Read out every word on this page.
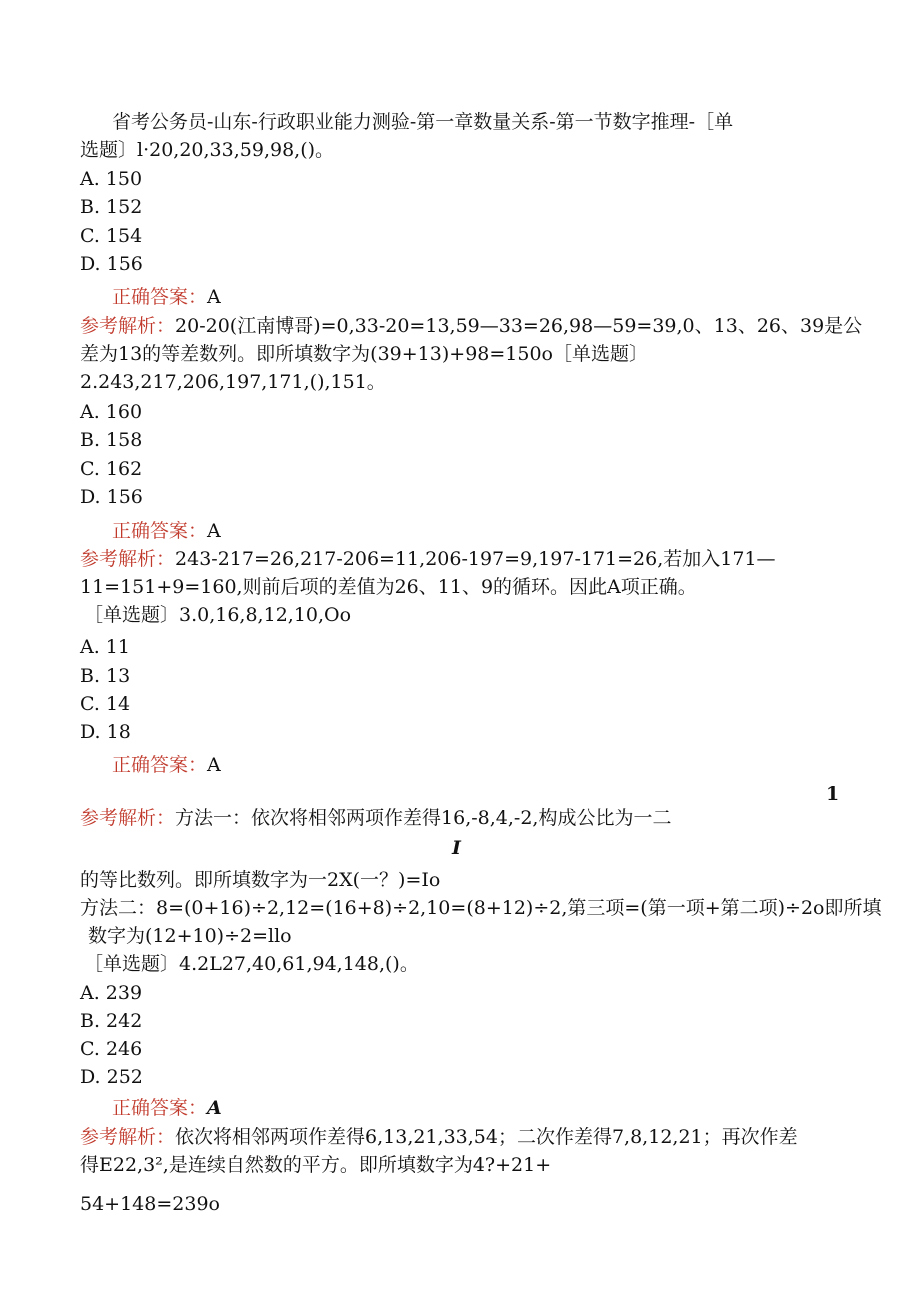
省考公务员-山东-行政职业能力测验-第一章数量关系-第一节数字推理-［单
选题〕l·20,20,33,59,98,()。
A. 150
B. 152
C. 154
D. 156
正确答案：A
参考解析：20-20(江南博哥)=0,33-20=13,59—33=26,98—59=39,0、13、26、39是公
差为13的等差数列。即所填数字为(39+13)+98=150o［单选题〕
2.243,217,206,197,171,(),151。
A. 160
B. 158
C. 162
D. 156
正确答案：A
参考解析：243-217=26,217-206=11,206-197=9,197-171=26,若加入171—
11=151+9=160,则前后项的差值为26、11、9的循环。因此A项正确。
［单选题〕3.0,16,8,12,10,Oo
A. 11
B. 13
C. 14
D. 18
正确答案：A
1
参考解析：方法一：依次将相邻两项作差得16,-8,4,-2,构成公比为一二
I
的等比数列。即所填数字为一2X(一？)=Io
方法二：8=(0+16)÷2,12=(16+8)÷2,10=(8+12)÷2,第三项=(第一项+第二项)÷2o即所填
数字为(12+10)÷2=llo
［单选题〕4.2L27,40,61,94,148,()。
A. 239
B. 242
C. 246
D. 252
正确答案：A
参考解析：依次将相邻两项作差得6,13,21,33,54；二次作差得7,8,12,21；再次作差
得E22,3²,是连续自然数的平方。即所填数字为4?+21+
54+148=239o
